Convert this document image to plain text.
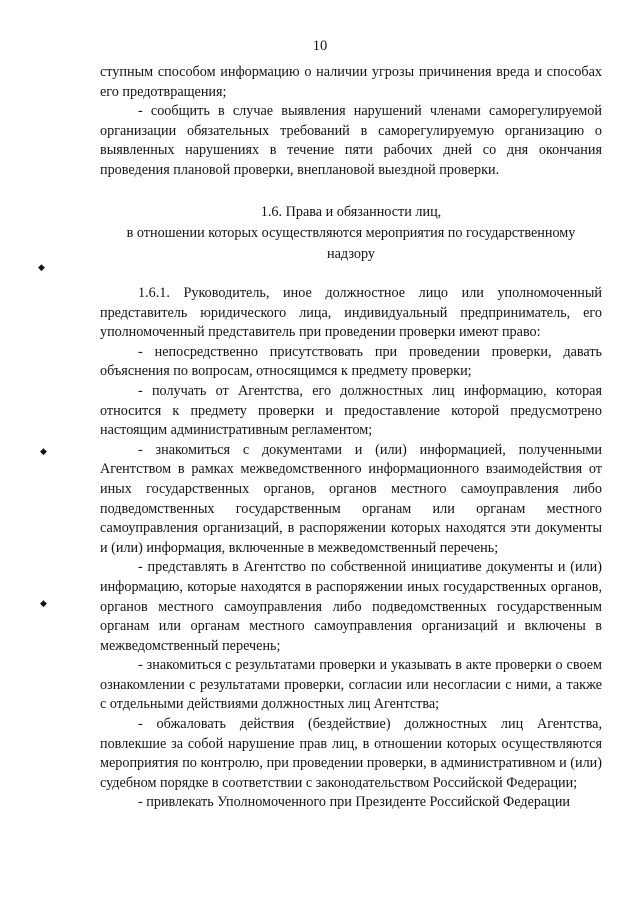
10

ступным способом информацию о наличии угрозы причинения вреда и способах его предотвращения;

- сообщить в случае выявления нарушений членами саморегулируемой организации обязательных требований в саморегулируемую организацию о выявленных нарушениях в течение пяти рабочих дней со дня окончания проведения плановой проверки, внеплановой выездной проверки.

1.6. Права и обязанности лиц,
в отношении которых осуществляются мероприятия по государственному
надзору

1.6.1. Руководитель, иное должностное лицо или уполномоченный представитель юридического лица, индивидуальный предприниматель, его уполномоченный представитель при проведении проверки имеют право:

- непосредственно присутствовать при проведении проверки, давать объяснения по вопросам, относящимся к предмету проверки;

- получать от Агентства, его должностных лиц информацию, которая относится к предмету проверки и предоставление которой предусмотрено настоящим административным регламентом;

- знакомиться с документами и (или) информацией, полученными Агентством в рамках межведомственного информационного взаимодействия от иных государственных органов, органов местного самоуправления либо подведомственных государственным органам или органам местного самоуправления организаций, в распоряжении которых находятся эти документы и (или) информация, включенные в межведомственный перечень;

- представлять в Агентство по собственной инициативе документы и (или) информацию, которые находятся в распоряжении иных государственных органов, органов местного самоуправления либо подведомственных государственным органам или органам местного самоуправления организаций и включены в межведомственный перечень;

- знакомиться с результатами проверки и указывать в акте проверки о своем ознакомлении с результатами проверки, согласии или несогласии с ними, а также с отдельными действиями должностных лиц Агентства;

- обжаловать действия (бездействие) должностных лиц Агентства, повлекшие за собой нарушение прав лиц, в отношении которых осуществляются мероприятия по контролю, при проведении проверки, в административном и (или) судебном порядке в соответствии с законодательством Российской Федерации;

- привлекать Уполномоченного при Президенте Российской Федерации

◆
◆
◆
